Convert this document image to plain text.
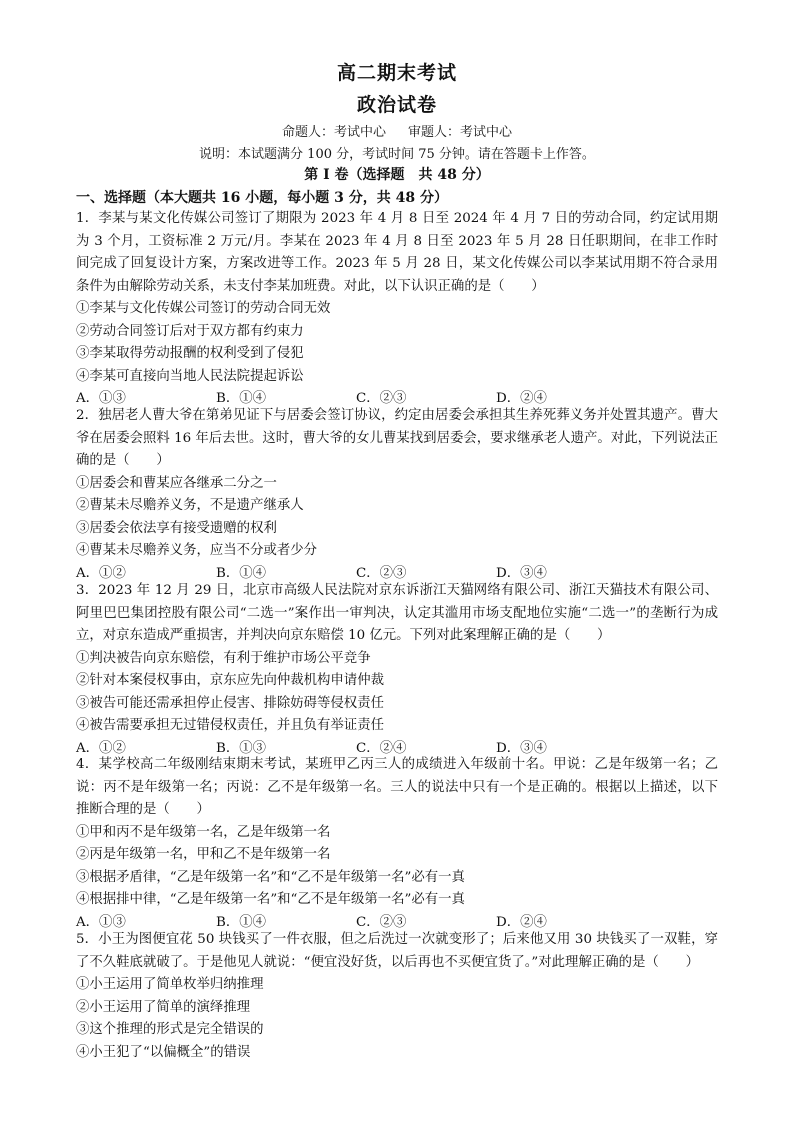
高二期末考试
政治试卷
命题人：考试中心 审题人：考试中心
说明：本试题满分 100 分，考试时间 75 分钟。请在答题卡上作答。
第 I 卷（选择题　共 48 分）
一、选择题（本大题共 16 小题，每小题 3 分，共 48 分）

1．李某与某文化传媒公司签订了期限为 2023 年 4 月 8 日至 2024 年 4 月 7 日的劳动合同，约定试用期为 3 个月，工资标准 2 万元/月。李某在 2023 年 4 月 8 日至 2023 年 5 月 28 日任职期间，在非工作时间完成了回复设计方案，方案改进等工作。2023 年 5 月 28 日，某文化传媒公司以李某试用期不符合录用条件为由解除劳动关系，未支付李某加班费。对此，以下认识正确的是（　　）

①李某与文化传媒公司签订的劳动合同无效

②劳动合同签订后对于双方都有约束力

③李某取得劳动报酬的权利受到了侵犯

④李某可直接向当地人民法院提起诉讼

A．①③	B．①④	C．②③	D．②④

2．独居老人曹大爷在第弟见证下与居委会签订协议，约定由居委会承担其生养死葬义务并处置其遗产。曹大爷在居委会照料 16 年后去世。这时，曹大爷的女儿曹某找到居委会，要求继承老人遗产。对此，下列说法正确的是（　　）

①居委会和曹某应各继承二分之一

②曹某未尽赡养义务，不是遗产继承人

③居委会依法享有接受遗赠的权利

④曹某未尽赡养义务，应当不分或者少分

A．①②	B．①④	C．②③	D．③④

3．2023 年 12 月 29 日，北京市高级人民法院对京东诉浙江天猫网络有限公司、浙江天猫技术有限公司、阿里巴巴集团控股有限公司“二选一”案作出一审判决，认定其滥用市场支配地位实施“二选一”的垄断行为成立，对京东造成严重损害，并判决向京东赔偿 10 亿元。下列对此案理解正确的是（　　）

①判决被告向京东赔偿，有利于维护市场公平竞争

②针对本案侵权事由，京东应先向仲裁机构申请仲裁

③被告可能还需承担停止侵害、排除妨碍等侵权责任

④被告需要承担无过错侵权责任，并且负有举证责任

A．①②	B．①③	C．②④	D．③④

4．某学校高二年级刚结束期末考试，某班甲乙丙三人的成绩进入年级前十名。甲说：乙是年级第一名；乙说：丙不是年级第一名；丙说：乙不是年级第一名。三人的说法中只有一个是正确的。根据以上描述，以下推断合理的是（　　）

①甲和丙不是年级第一名，乙是年级第一名

②丙是年级第一名，甲和乙不是年级第一名

③根据矛盾律，“乙是年级第一名”和“乙不是年级第一名”必有一真

④根据排中律，“乙是年级第一名”和“乙不是年级第一名”必有一真

A．①③	B．①④	C．②③	D．②④

5．小王为图便宜花 50 块钱买了一件衣服，但之后洗过一次就变形了；后来他又用 30 块钱买了一双鞋，穿了不久鞋底就破了。于是他见人就说：“便宜没好货，以后再也不买便宜货了。”对此理解正确的是（　　）

①小王运用了简单枚举归纳推理

②小王运用了简单的演绎推理

③这个推理的形式是完全错误的

④小王犯了“以偏概全”的错误
